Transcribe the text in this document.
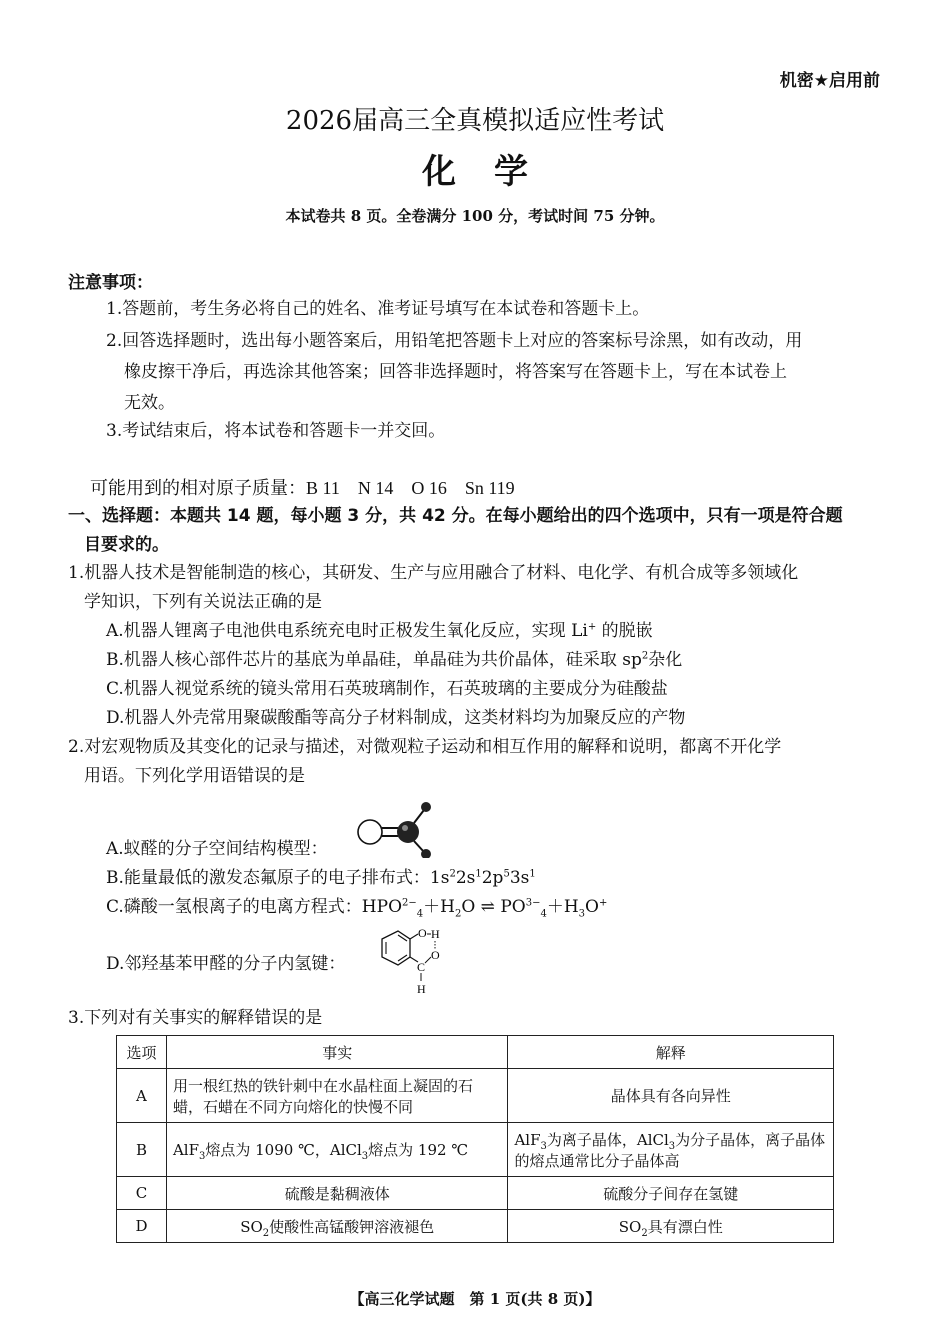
机密★启用前
2026届高三全真模拟适应性考试
化学
本试卷共 8 页。全卷满分 100 分，考试时间 75 分钟。
注意事项：
1.答题前，考生务必将自己的姓名、准考证号填写在本试卷和答题卡上。
2.回答选择题时，选出每小题答案后，用铅笔把答题卡上对应的答案标号涂黑，如有改动，用
橡皮擦干净后，再选涂其他答案；回答非选择题时，将答案写在答题卡上，写在本试卷上
无效。
3.考试结束后，将本试卷和答题卡一并交回。
可能用到的相对原子质量：B 11　N 14　O 16　Sn 119
一、选择题：本题共 14 题，每小题 3 分，共 42 分。在每小题给出的四个选项中，只有一项是符合题
目要求的。
1.机器人技术是智能制造的核心，其研发、生产与应用融合了材料、电化学、有机合成等多领域化
学知识，下列有关说法正确的是
A.机器人锂离子电池供电系统充电时正极发生氧化反应，实现 Li+ 的脱嵌
B.机器人核心部件芯片的基底为单晶硅，单晶硅为共价晶体，硅采取 $sp^2$杂化
C.机器人视觉系统的镜头常用石英玻璃制作，石英玻璃的主要成分为硅酸盐
D.机器人外壳常用聚碳酸酯等高分子材料制成，这类材料均为加聚反应的产物
2.对宏观物质及其变化的记录与描述，对微观粒子运动和相互作用的解释和说明，都离不开化学
用语。下列化学用语错误的是
A.蚁醛的分子空间结构模型：
B.能量最低的激发态氟原子的电子排布式：$1s^22s^12p^53s^1$
C.磷酸一氢根离子的电离方程式：$HPO^{2-}_4+H_2O$ ⇌ $PO^{3-}_4+H_3O^+$
D.邻羟基苯甲醛的分子内氢键：
O H
O
C
H
3.下列对有关事实的解释错误的是
选项	事实	解释
A	用一根红热的铁针刺中在水晶柱面上凝固的石蜡，石蜡在不同方向熔化的快慢不同	晶体具有各向异性
B	AlF$_3$熔点为 1090 ℃，AlCl$_3$熔点为 192 ℃	AlF$_3$为离子晶体，AlCl$_3$为分子晶体，离子晶体的熔点通常比分子晶体高
C	硫酸是黏稠液体	硫酸分子间存在氢键
D	$SO_2$使酸性高锰酸钾溶液褪色	$SO_2$具有漂白性
【高三化学试题　第 1 页(共 8 页)】
